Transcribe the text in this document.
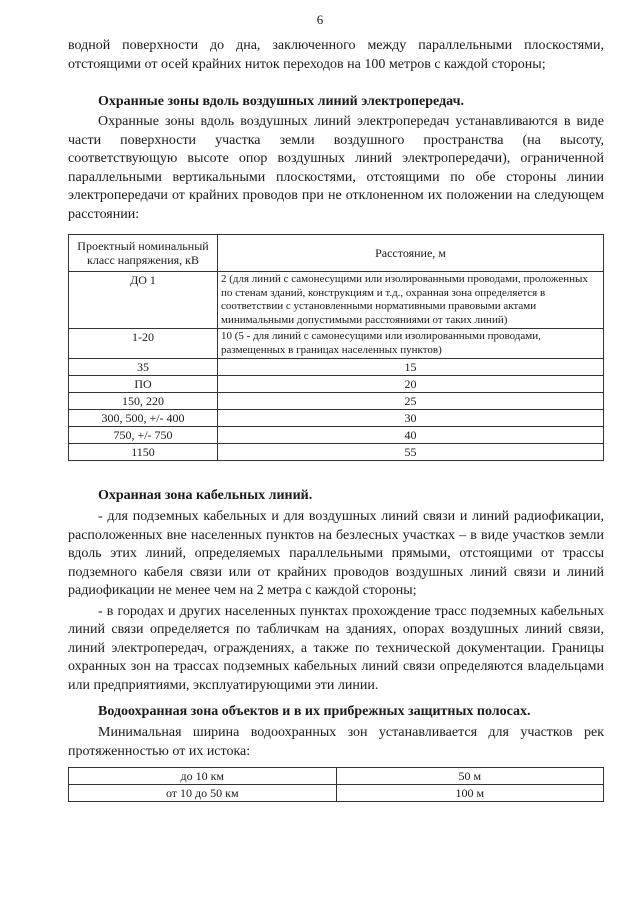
6

водной поверхности до дна, заключенного между параллельными плоскостями, отстоящими от осей крайних ниток переходов на 100 метров с каждой стороны;

Охранные зоны вдоль воздушных линий электропередач.

Охранные зоны вдоль воздушных линий электропередач устанавливаются в виде части поверхности участка земли воздушного пространства (на высоту, соответствующую высоте опор воздушных линий электропередачи), ограниченной параллельными вертикальными плоскостями, отстоящими по обе стороны линии электропередачи от крайних проводов при не отклоненном их положении на следующем расстоянии:

Проектный номинальный класс напряжения, кВ	Расстояние, м
ДО 1	2 (для линий с самонесущими или изолированными проводами, проложенных по стенам зданий, конструкциям и т.д., охранная зона определяется в соответствии с установленными нормативными правовыми актами минимальными допустимыми расстояниями от таких линий)
1-20	10 (5 - для линий с самонесущими или изолированными проводами, размещенных в границах населенных пунктов)
35	15
ПО	20
150, 220	25
300, 500, +/- 400	30
750, +/- 750	40
1150	55
Охранная зона кабельных линий.

- для подземных кабельных и для воздушных линий связи и линий радиофикации, расположенных вне населенных пунктов на безлесных участках – в виде участков земли вдоль этих линий, определяемых параллельными прямыми, отстоящими от трассы подземного кабеля связи или от крайних проводов воздушных линий связи и линий радиофикации не менее чем на 2 метра с каждой стороны;

- в городах и других населенных пунктах прохождение трасс подземных кабельных линий связи определяется по табличкам на зданиях, опорах воздушных линий связи, линий электропередач, ограждениях, а также по технической документации. Границы охранных зон на трассах подземных кабельных линий связи определяются владельцами или предприятиями, эксплуатирующими эти линии.

Водоохранная зона объектов и в их прибрежных защитных полосах.

Минимальная ширина водоохранных зон устанавливается для участков рек протяженностью от их истока:

до 10 км	50 м
от 10 до 50 км	100 м
